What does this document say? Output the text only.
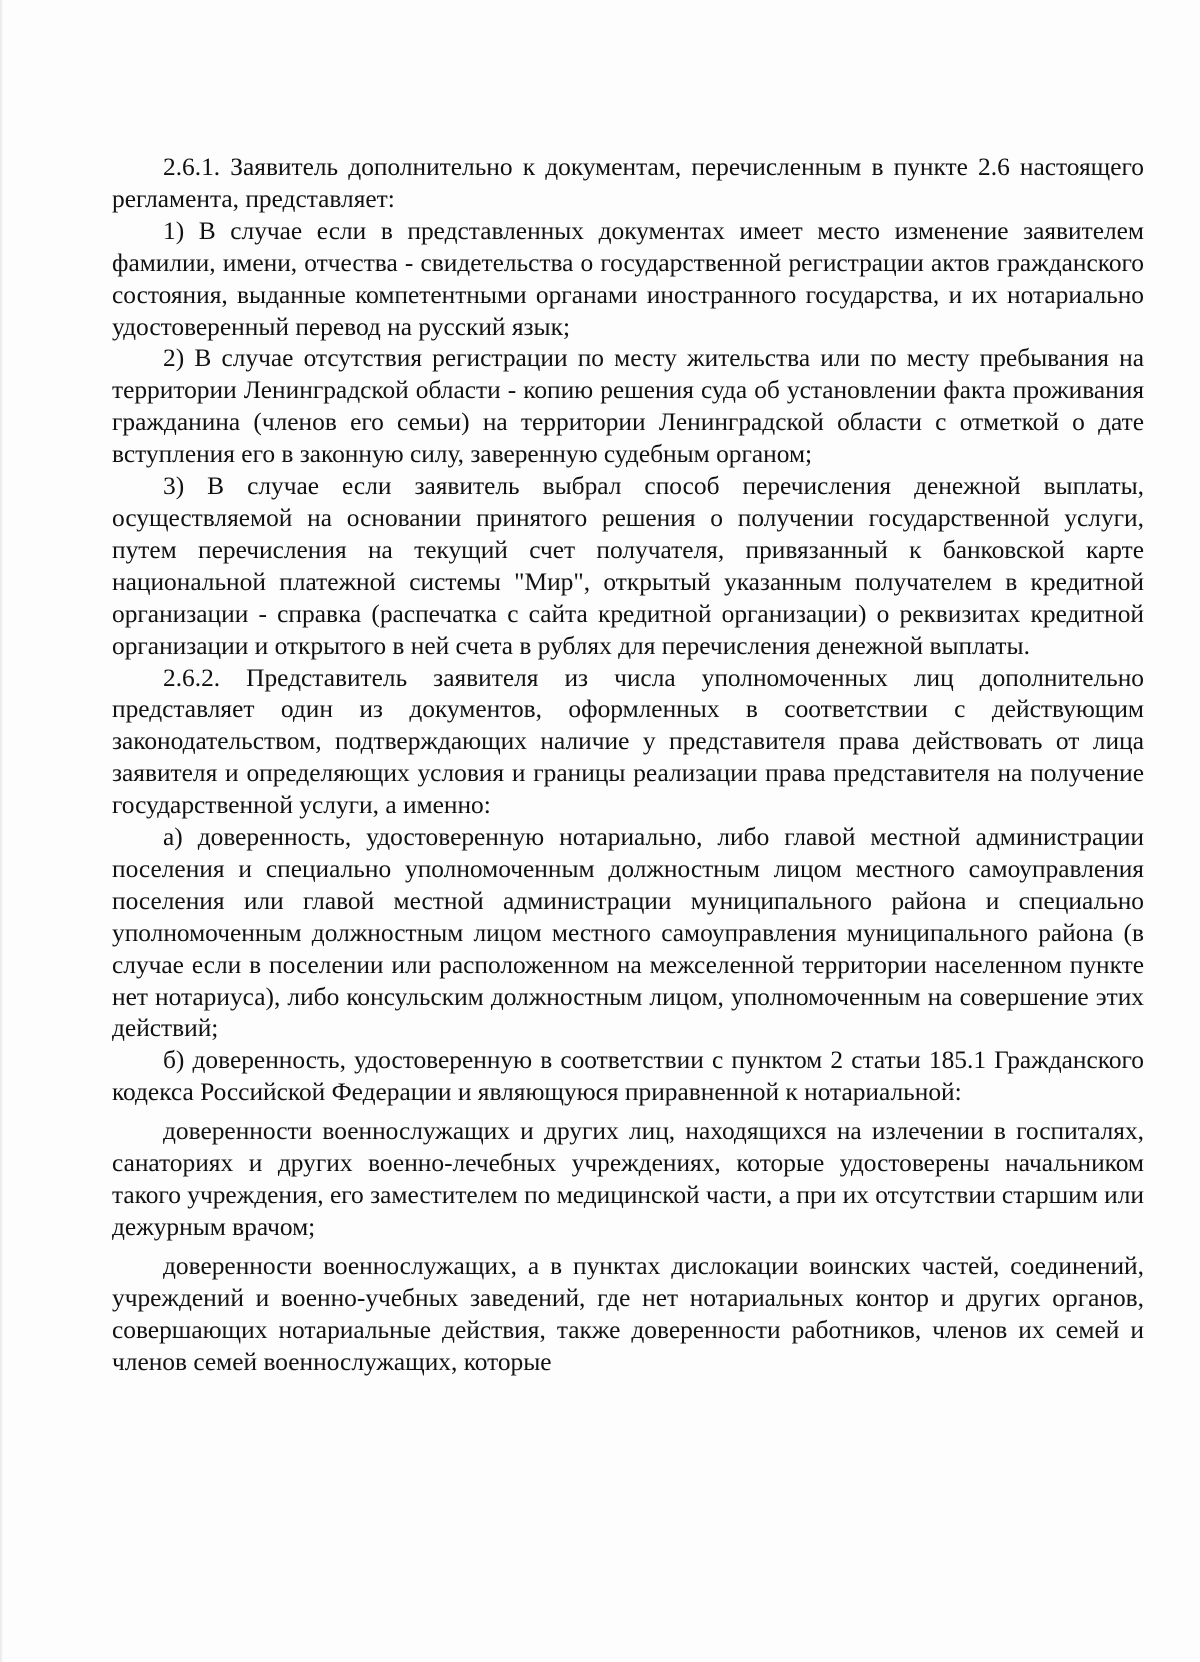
2.6.1. Заявитель дополнительно к документам, перечисленным в пункте 2.6 настоящего регламента, представляет:

1) В случае если в представленных документах имеет место изменение заявителем фамилии, имени, отчества - свидетельства о государственной регистрации актов гражданского состояния, выданные компетентными органами иностранного государства, и их нотариально удостоверенный перевод на русский язык;

2) В случае отсутствия регистрации по месту жительства или по месту пребывания на территории Ленинградской области - копию решения суда об установлении факта проживания гражданина (членов его семьи) на территории Ленинградской области с отметкой о дате вступления его в законную силу, заверенную судебным органом;

3) В случае если заявитель выбрал способ перечисления денежной выплаты, осуществляемой на основании принятого решения о получении государственной услуги, путем перечисления на текущий счет получателя, привязанный к банковской карте национальной платежной системы "Мир", открытый указанным получателем в кредитной организации - справка (распечатка с сайта кредитной организации) о реквизитах кредитной организации и открытого в ней счета в рублях для перечисления денежной выплаты.

2.6.2. Представитель заявителя из числа уполномоченных лиц дополнительно представляет один из документов, оформленных в соответствии с действующим законодательством, подтверждающих наличие у представителя права действовать от лица заявителя и определяющих условия и границы реализации права представителя на получение государственной услуги, а именно:

а) доверенность, удостоверенную нотариально, либо главой местной администрации поселения и специально уполномоченным должностным лицом местного самоуправления поселения или главой местной администрации муниципального района и специально уполномоченным должностным лицом местного самоуправления муниципального района (в случае если в поселении или расположенном на межселенной территории населенном пункте нет нотариуса), либо консульским должностным лицом, уполномоченным на совершение этих действий;

б) доверенность, удостоверенную в соответствии с пунктом 2 статьи 185.1 Гражданского кодекса Российской Федерации и являющуюся приравненной к нотариальной:

доверенности военнослужащих и других лиц, находящихся на излечении в госпиталях, санаториях и других военно-лечебных учреждениях, которые удостоверены начальником такого учреждения, его заместителем по медицинской части, а при их отсутствии старшим или дежурным врачом;

доверенности военнослужащих, а в пунктах дислокации воинских частей, соединений, учреждений и военно-учебных заведений, где нет нотариальных контор и других органов, совершающих нотариальные действия, также доверенности работников, членов их семей и членов семей военнослужащих, которые
